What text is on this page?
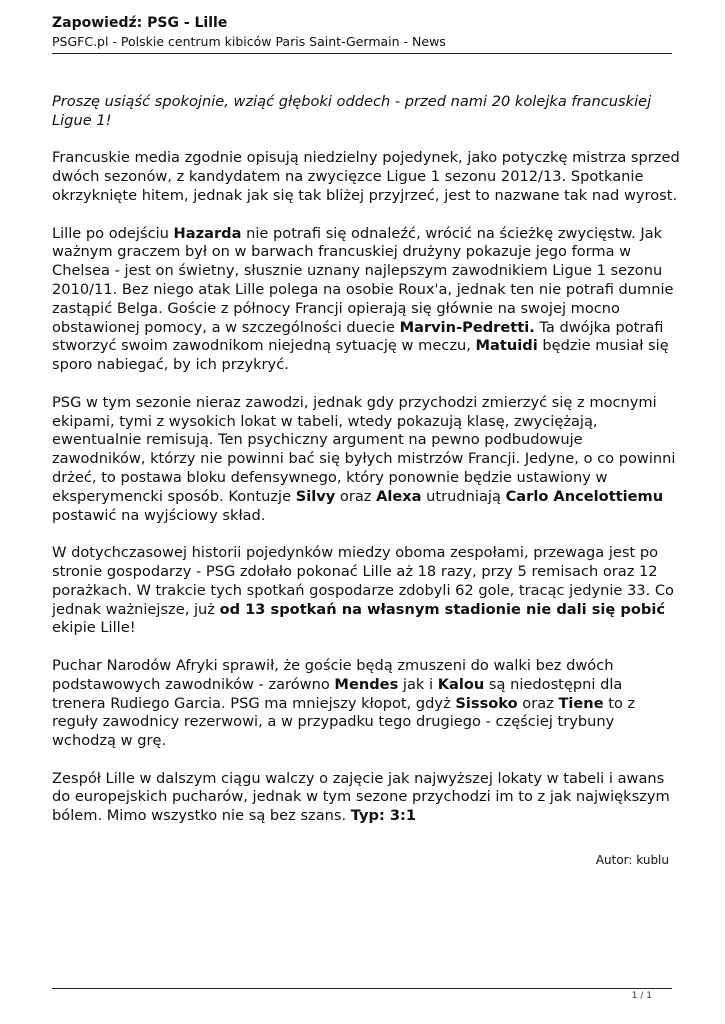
Zapowiedź: PSG - Lille

PSGFC.pl - Polskie centrum kibiców Paris Saint-Germain - News

Proszę usiąść spokojnie, wziąć głęboki oddech - przed nami 20 kolejka francuskiej Ligue 1!

Francuskie media zgodnie opisują niedzielny pojedynek, jako potyczkę mistrza sprzed dwóch sezonów, z kandydatem na zwycięzce Ligue 1 sezonu 2012/13. Spotkanie okrzyknięte hitem, jednak jak się tak bliżej przyjrzeć, jest to nazwane tak nad wyrost.

Lille po odejściu Hazarda nie potrafi się odnaleźć, wrócić na ścieżkę zwycięstw. Jak ważnym graczem był on w barwach francuskiej drużyny pokazuje jego forma w Chelsea - jest on świetny, słusznie uznany najlepszym zawodnikiem Ligue 1 sezonu 2010/11. Bez niego atak Lille polega na osobie Roux'a, jednak ten nie potrafi dumnie zastąpić Belga. Goście z północy Francji opierają się głównie na swojej mocno obstawionej pomocy, a w szczególności duecie Marvin-Pedretti. Ta dwójka potrafi stworzyć swoim zawodnikom niejedną sytuację w meczu, Matuidi będzie musiał się sporo nabiegać, by ich przykryć.

PSG w tym sezonie nieraz zawodzi, jednak gdy przychodzi zmierzyć się z mocnymi ekipami, tymi z wysokich lokat w tabeli, wtedy pokazują klasę, zwyciężają, ewentualnie remisują. Ten psychiczny argument na pewno podbudowuje zawodników, którzy nie powinni bać się byłych mistrzów Francji. Jedyne, o co powinni drżeć, to postawa bloku defensywnego, który ponownie będzie ustawiony w eksperymencki sposób. Kontuzje Silvy oraz Alexa utrudniają Carlo Ancelottiemu postawić na wyjściowy skład.

W dotychczasowej historii pojedynków miedzy oboma zespołami, przewaga jest po stronie gospodarzy - PSG zdołało pokonać Lille aż 18 razy, przy 5 remisach oraz 12 porażkach. W trakcie tych spotkań gospodarze zdobyli 62 gole, tracąc jedynie 33. Co jednak ważniejsze, już od 13 spotkań na własnym stadionie nie dali się pobić ekipie Lille!

Puchar Narodów Afryki sprawił, że goście będą zmuszeni do walki bez dwóch podstawowych zawodników - zarówno Mendes jak i Kalou są niedostępni dla trenera Rudiego Garcia. PSG ma mniejszy kłopot, gdyż Sissoko oraz Tiene to z reguły zawodnicy rezerwowi, a w przypadku tego drugiego - częściej trybuny wchodzą w grę.

Zespół Lille w dalszym ciągu walczy o zajęcie jak najwyższej lokaty w tabeli i awans do europejskich pucharów, jednak w tym sezone przychodzi im to z jak największym bólem. Mimo wszystko nie są bez szans. Typ: 3:1

Autor: kublu
1 / 1
